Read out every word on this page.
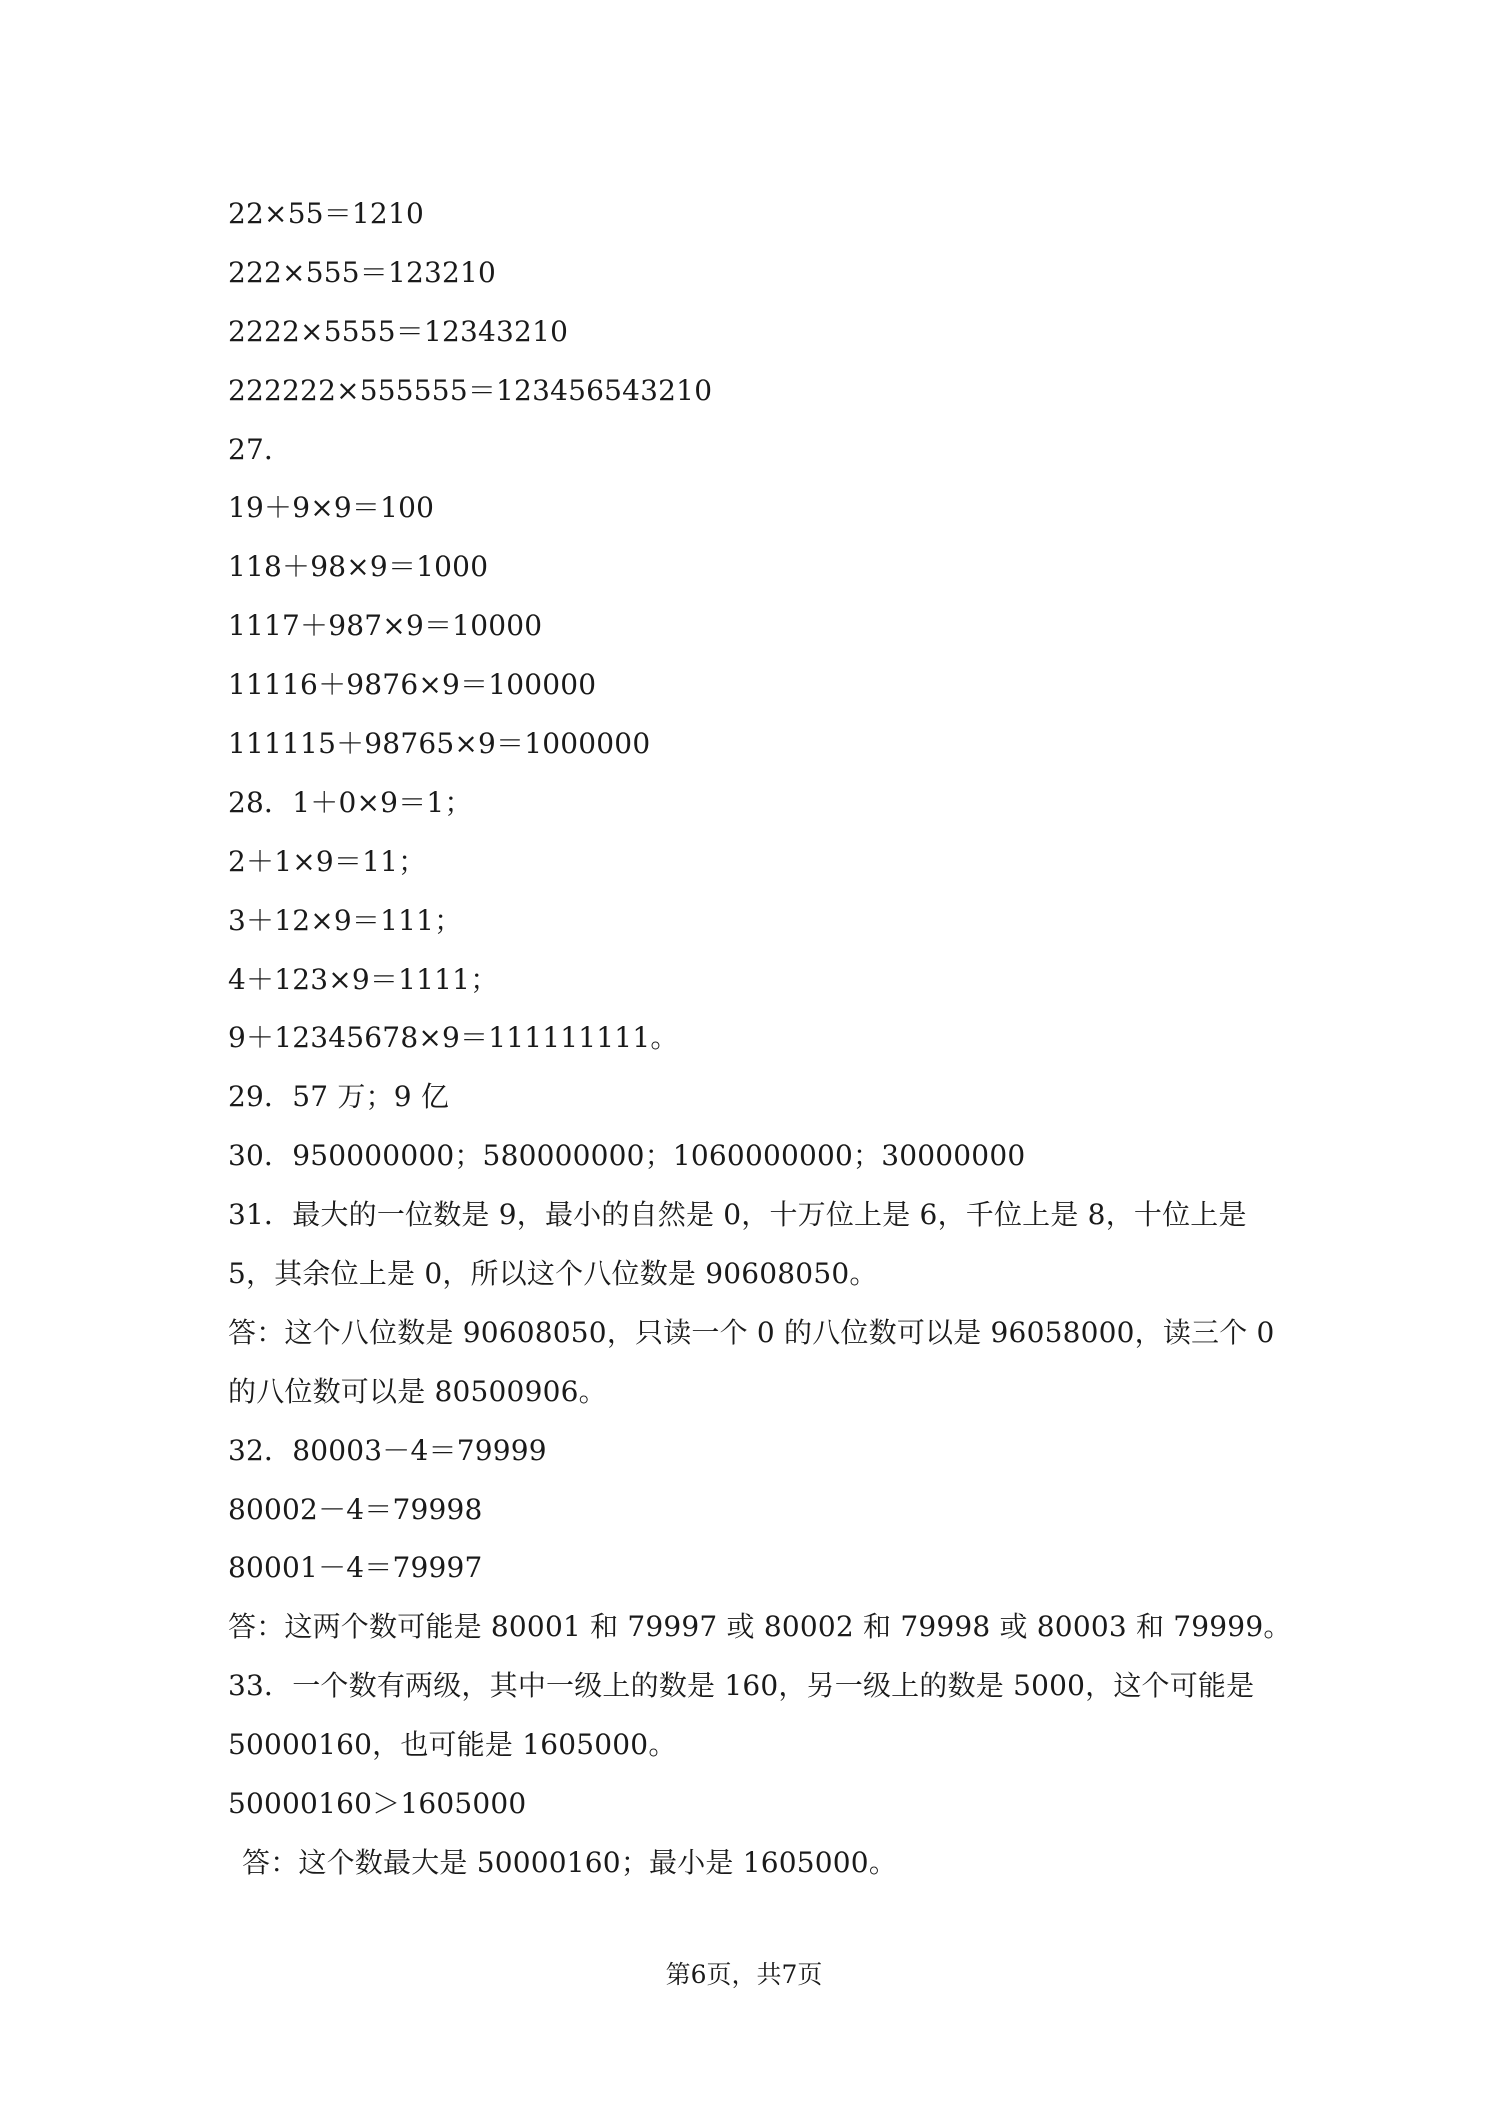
22×55＝1210
222×555＝123210
2222×5555＝12343210
222222×555555＝123456543210
27．
19＋9×9＝100
118＋98×9＝1000
1117＋987×9＝10000
11116＋9876×9＝100000
111115＋98765×9＝1000000
28．1＋0×9＝1；
2＋1×9＝11；
3＋12×9＝111；
4＋123×9＝1111；
9＋12345678×9＝111111111。
29．57 万；9 亿
30．950000000；580000000；1060000000；30000000
31．最大的一位数是 9，最小的自然是 0，十万位上是 6，千位上是 8，十位上是
5，其余位上是 0，所以这个八位数是 90608050。
答：这个八位数是 90608050，只读一个 0 的八位数可以是 96058000，读三个 0
的八位数可以是 80500906。
32．80003－4＝79999
80002－4＝79998
80001－4＝79997
答：这两个数可能是 80001 和 79997 或 80002 和 79998 或 80003 和 79999。
33．一个数有两级，其中一级上的数是 160，另一级上的数是 5000，这个可能是
50000160，也可能是 1605000。
50000160＞1605000
答：这个数最大是 50000160；最小是 1605000。
第6页，共7页
